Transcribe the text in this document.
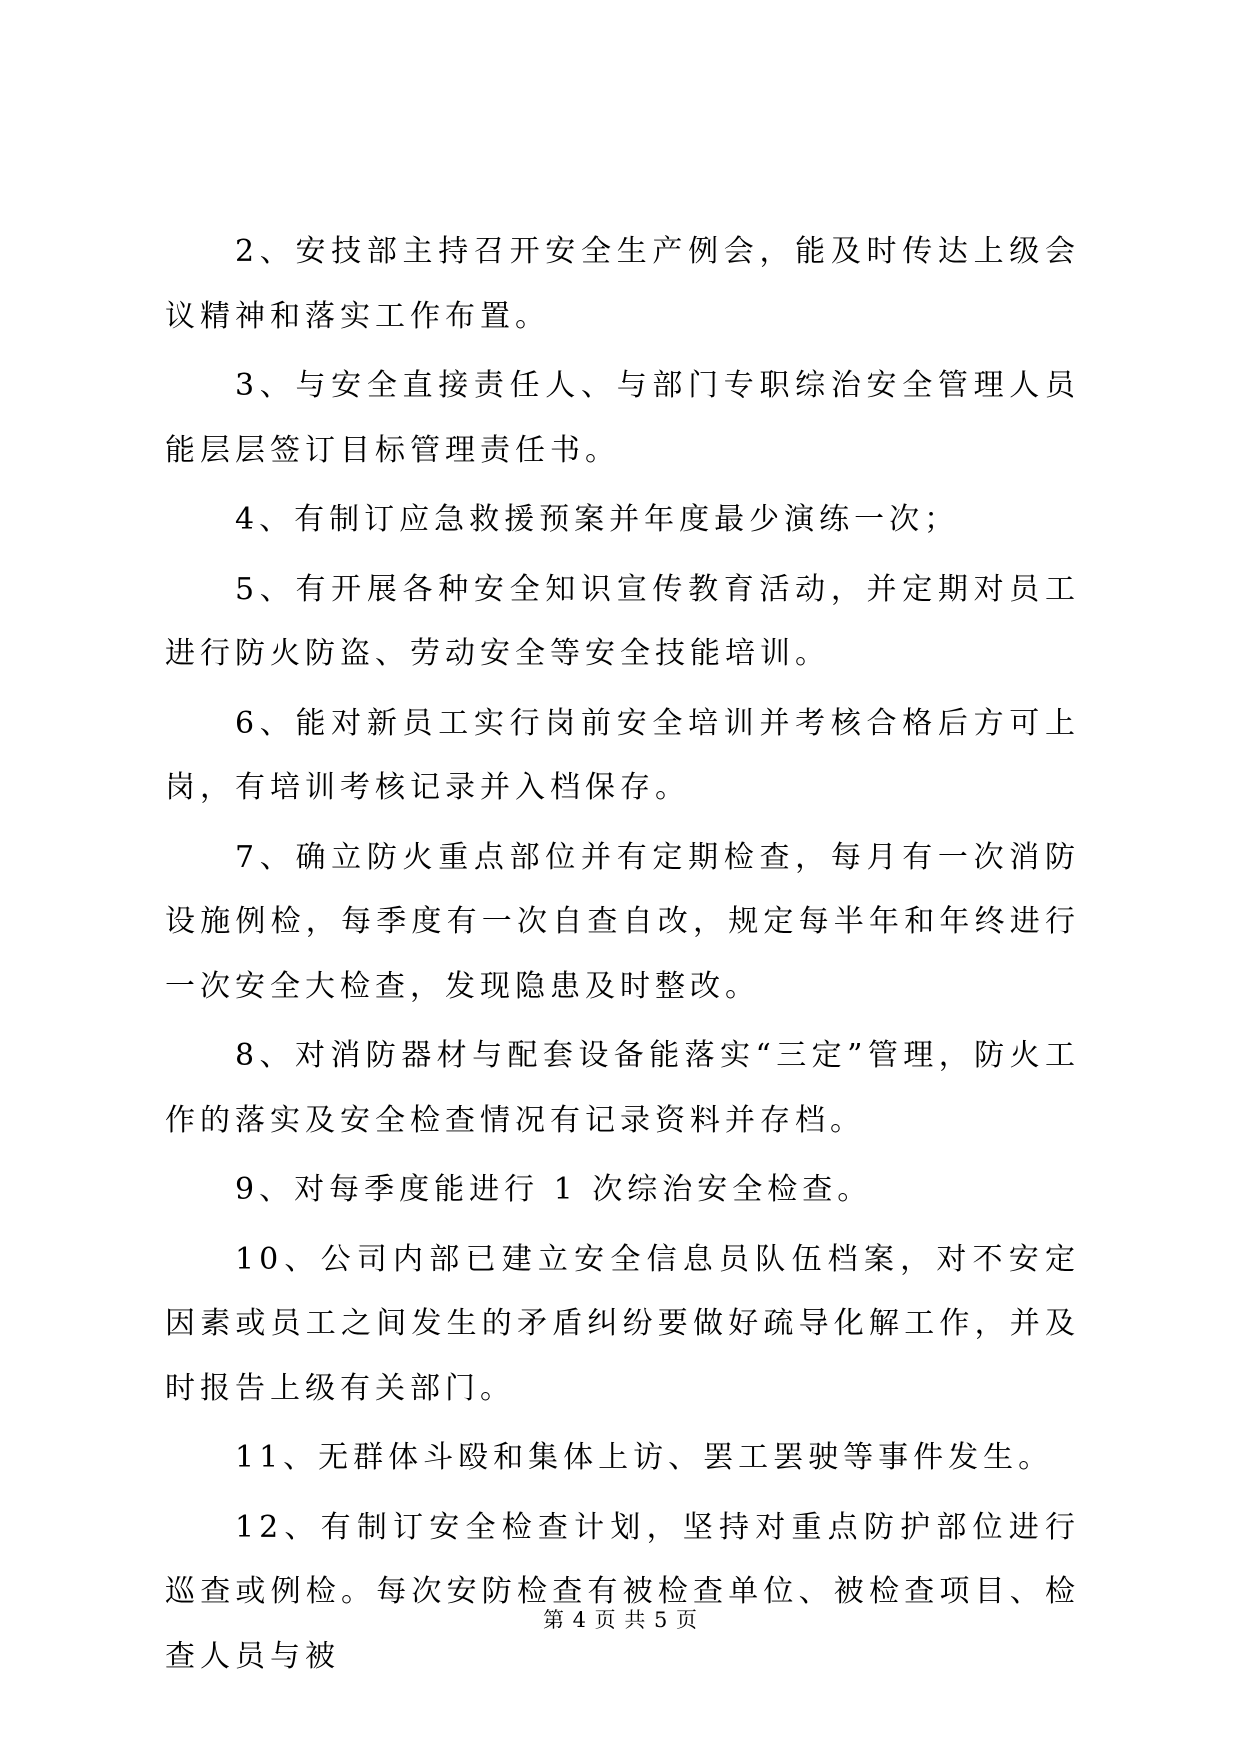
2、安技部主持召开安全生产例会，能及时传达上级会议精神和落实工作布置。

3、与安全直接责任人、与部门专职综治安全管理人员能层层签订目标管理责任书。

4、有制订应急救援预案并年度最少演练一次；

5、有开展各种安全知识宣传教育活动，并定期对员工进行防火防盗、劳动安全等安全技能培训。

6、能对新员工实行岗前安全培训并考核合格后方可上岗，有培训考核记录并入档保存。

7、确立防火重点部位并有定期检查，每月有一次消防设施例检，每季度有一次自查自改，规定每半年和年终进行一次安全大检查，发现隐患及时整改。

8、对消防器材与配套设备能落实“三定”管理，防火工作的落实及安全检查情况有记录资料并存档。

9、对每季度能进行 1 次综治安全检查。

10、公司内部已建立安全信息员队伍档案，对不安定因素或员工之间发生的矛盾纠纷要做好疏导化解工作，并及时报告上级有关部门。

11、无群体斗殴和集体上访、罢工罢驶等事件发生。

12、有制订安全检查计划，坚持对重点防护部位进行巡查或例检。每次安防检查有被检查单位、被检查项目、检查人员与被

第 4 页 共 5 页
